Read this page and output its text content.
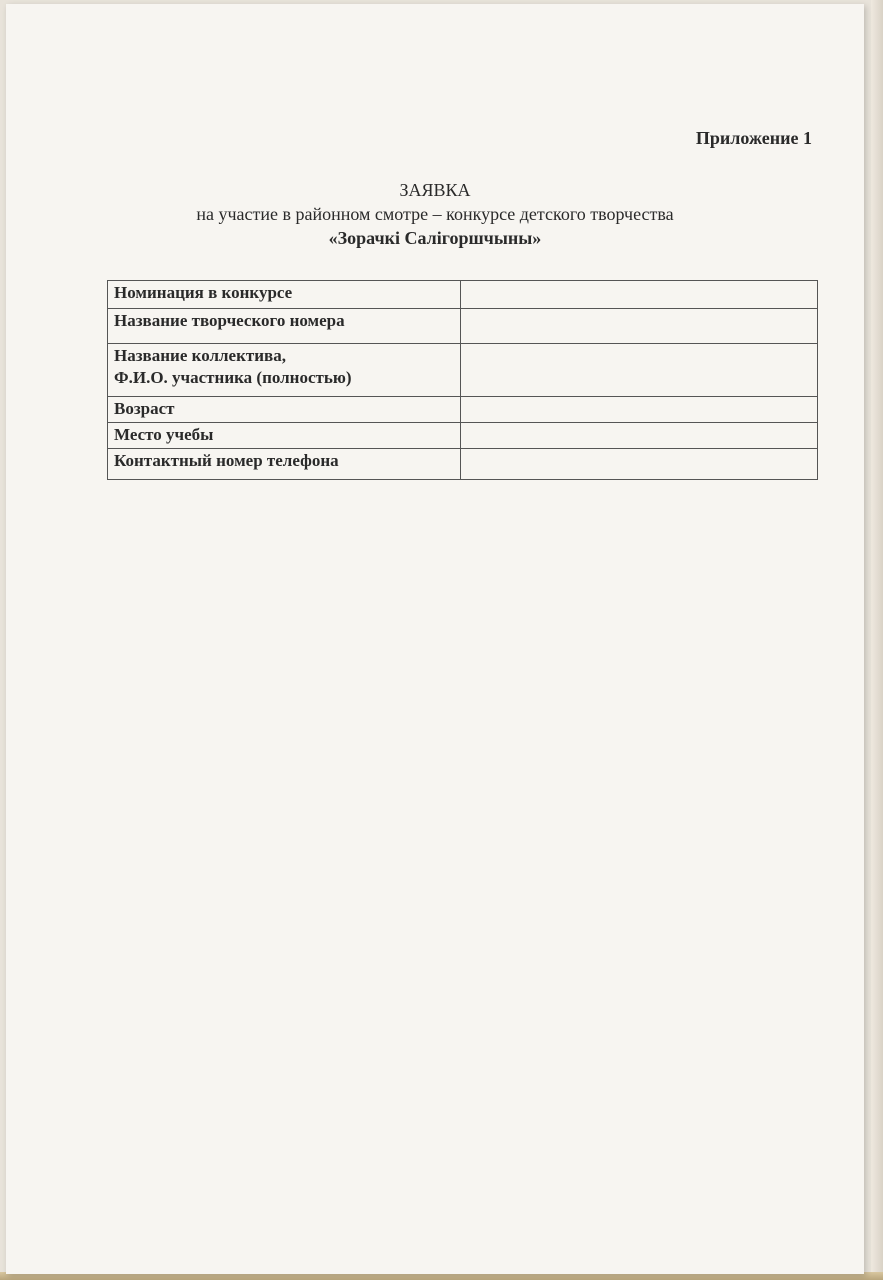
Приложение 1
ЗАЯВКА
на участие в районном смотре – конкурсе детского творчества
«Зорачкі Салігоршчыны»
Номинация в конкурсе	
Название творческого номера	

Название коллектива,
Ф.И.О. участника (полностью)	

Возраст	
Место учебы	
Контактный номер телефона	
